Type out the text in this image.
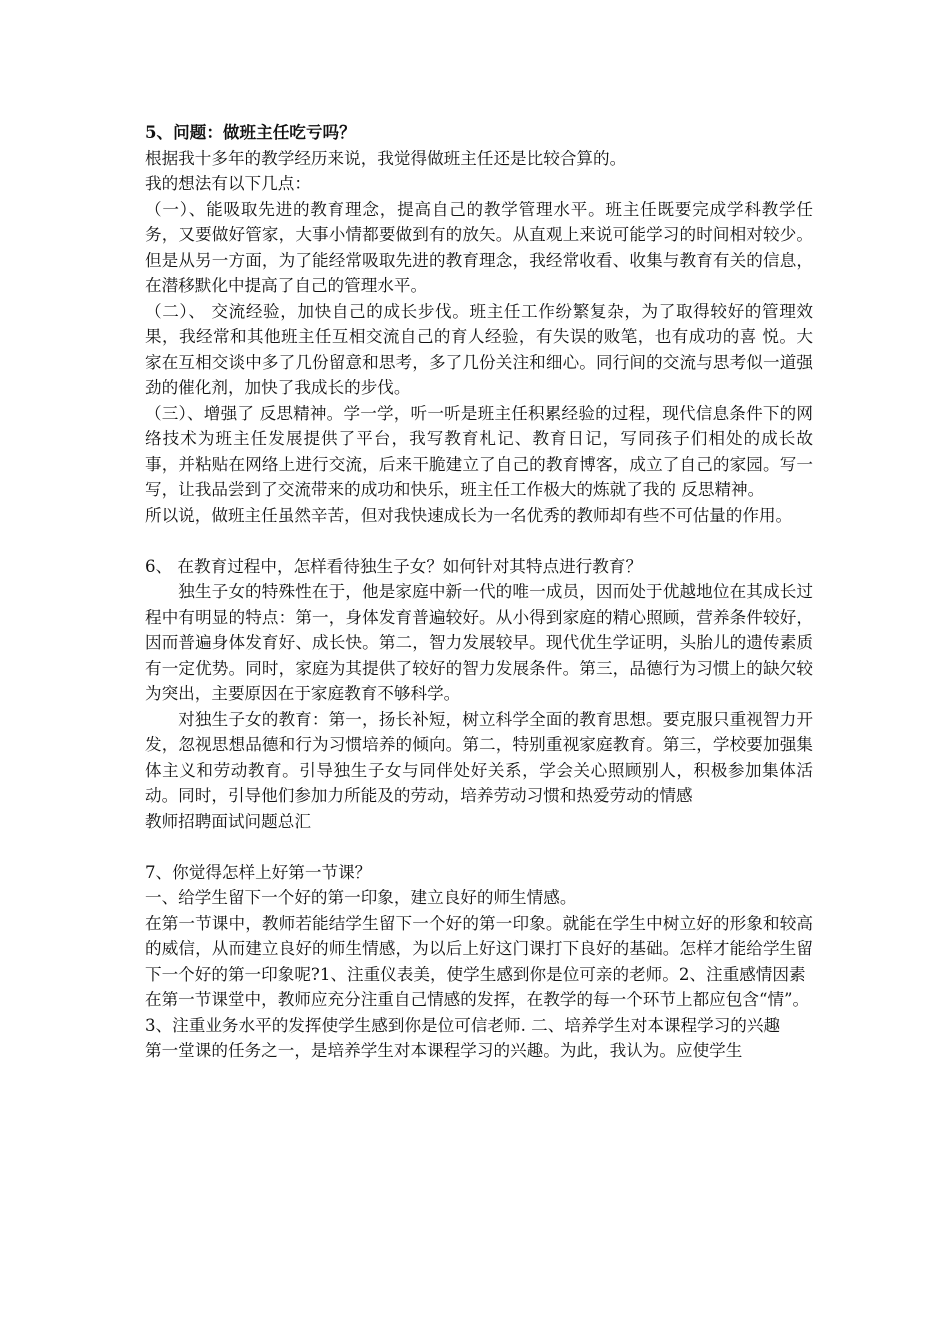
5、问题：做班主任吃亏吗？

根据我十多年的教学经历来说，我觉得做班主任还是比较合算的。

我的想法有以下几点：

（一）、能吸取先进的教育理念，提高自己的教学管理水平。班主任既要完成学科教学任务，又要做好管家，大事小情都要做到有的放矢。从直观上来说可能学习的时间相对较少。但是从另一方面，为了能经常吸取先进的教育理念，我经常收看、收集与教育有关的信息，在潜移默化中提高了自己的管理水平。

（二）、 交流经验，加快自己的成长步伐。班主任工作纷繁复杂，为了取得较好的管理效果，我经常和其他班主任互相交流自己的育人经验，有失误的败笔，也有成功的喜 悦。大家在互相交谈中多了几份留意和思考，多了几份关注和细心。同行间的交流与思考似一道强劲的催化剂，加快了我成长的步伐。

（三）、增强了 反思精神。学一学，听一听是班主任积累经验的过程，现代信息条件下的网络技术为班主任发展提供了平台，我写教育札记、教育日记，写同孩子们相处的成长故 事，并粘贴在网络上进行交流，后来干脆建立了自己的教育博客，成立了自己的家园。写一写，让我品尝到了交流带来的成功和快乐，班主任工作极大的炼就了我的 反思精神。

所以说，做班主任虽然辛苦，但对我快速成长为一名优秀的教师却有些不可估量的作用。

6、 在教育过程中，怎样看待独生子女？如何针对其特点进行教育？

独生子女的特殊性在于，他是家庭中新一代的唯一成员，因而处于优越地位在其成长过程中有明显的特点：第一，身体发育普遍较好。从小得到家庭的精心照顾，营养条件较好，因而普遍身体发育好、成长快。第二，智力发展较早。现代优生学证明，头胎儿的遗传素质有一定优势。同时，家庭为其提供了较好的智力发展条件。第三，品德行为习惯上的缺欠较为突出，主要原因在于家庭教育不够科学。

对独生子女的教育：第一，扬长补短，树立科学全面的教育思想。要克服只重视智力开发，忽视思想品德和行为习惯培养的倾向。第二，特别重视家庭教育。第三，学校要加强集体主义和劳动教育。引导独生子女与同伴处好关系，学会关心照顾别人，积极参加集体活动。同时，引导他们参加力所能及的劳动，培养劳动习惯和热爱劳动的情感

教师招聘面试问题总汇

7、你觉得怎样上好第一节课？

一、给学生留下一个好的第一印象，建立良好的师生情感。

在第一节课中，教师若能结学生留下一个好的第一印象。就能在学生中树立好的形象和较高的威信，从而建立良好的师生情感，为以后上好这门课打下良好的基础。怎样才能给学生留下一个好的第一印象呢?1、注重仪表美，使学生感到你是位可亲的老师。2、注重感情因素

在第一节课堂中，教师应充分注重自己情感的发挥，在教学的每一个环节上都应包含“情”。

3、注重业务水平的发挥使学生感到你是位可信老师. 二、培养学生对本课程学习的兴趣

第一堂课的任务之一，是培养学生对本课程学习的兴趣。为此，我认为。应使学生
